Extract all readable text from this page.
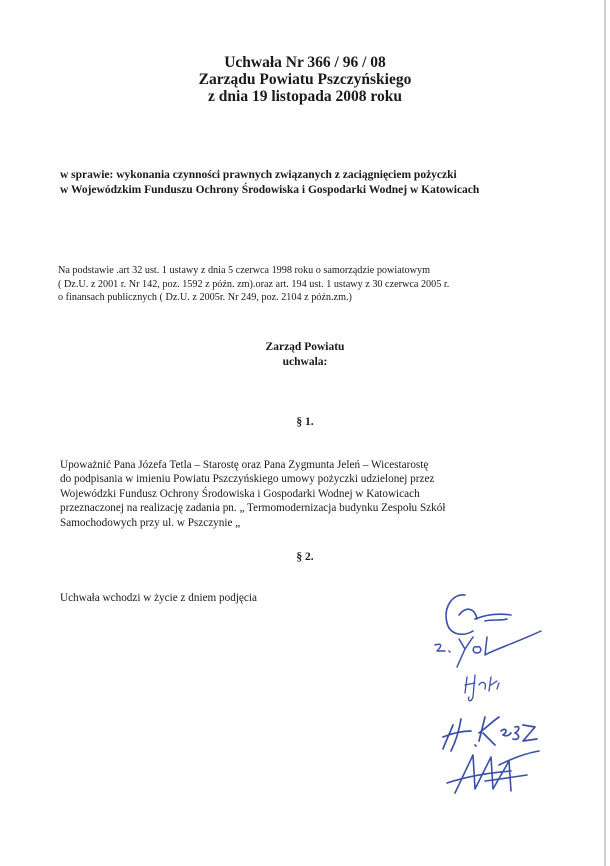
Uchwała Nr 366 / 96 / 08
Zarządu Powiatu Pszczyńskiego
z dnia 19 listopada 2008 roku
w sprawie: wykonania czynności prawnych związanych z zaciągnięciem pożyczki
w Wojewódzkim Funduszu Ochrony Środowiska i Gospodarki Wodnej w Katowicach
Na podstawie .art 32 ust. 1 ustawy z dnia 5 czerwca 1998 roku o samorządzie powiatowym
( Dz.U. z 2001 r. Nr 142, poz. 1592 z późn. zm).oraz art. 194 ust. 1 ustawy z 30 czerwca 2005 r.
o finansach publicznych ( Dz.U. z 2005r. Nr 249, poz. 2104 z późn.zm.)
Zarząd Powiatu
uchwala:
§ 1.
Upoważnić Pana Józefa Tetla – Starostę oraz Pana Zygmunta Jeleń – Wicestarostę
do podpisania w imieniu Powiatu Pszczyńskiego umowy pożyczki udzielonej przez
Wojewódzki Fundusz Ochrony Środowiska i Gospodarki Wodnej w Katowicach
przeznaczonej na realizację zadania pn. „ Termomodernizacja budynku Zespołu Szkół
Samochodowych przy ul. w Pszczynie „
§ 2.
Uchwała wchodzi w życie z dniem podjęcia
